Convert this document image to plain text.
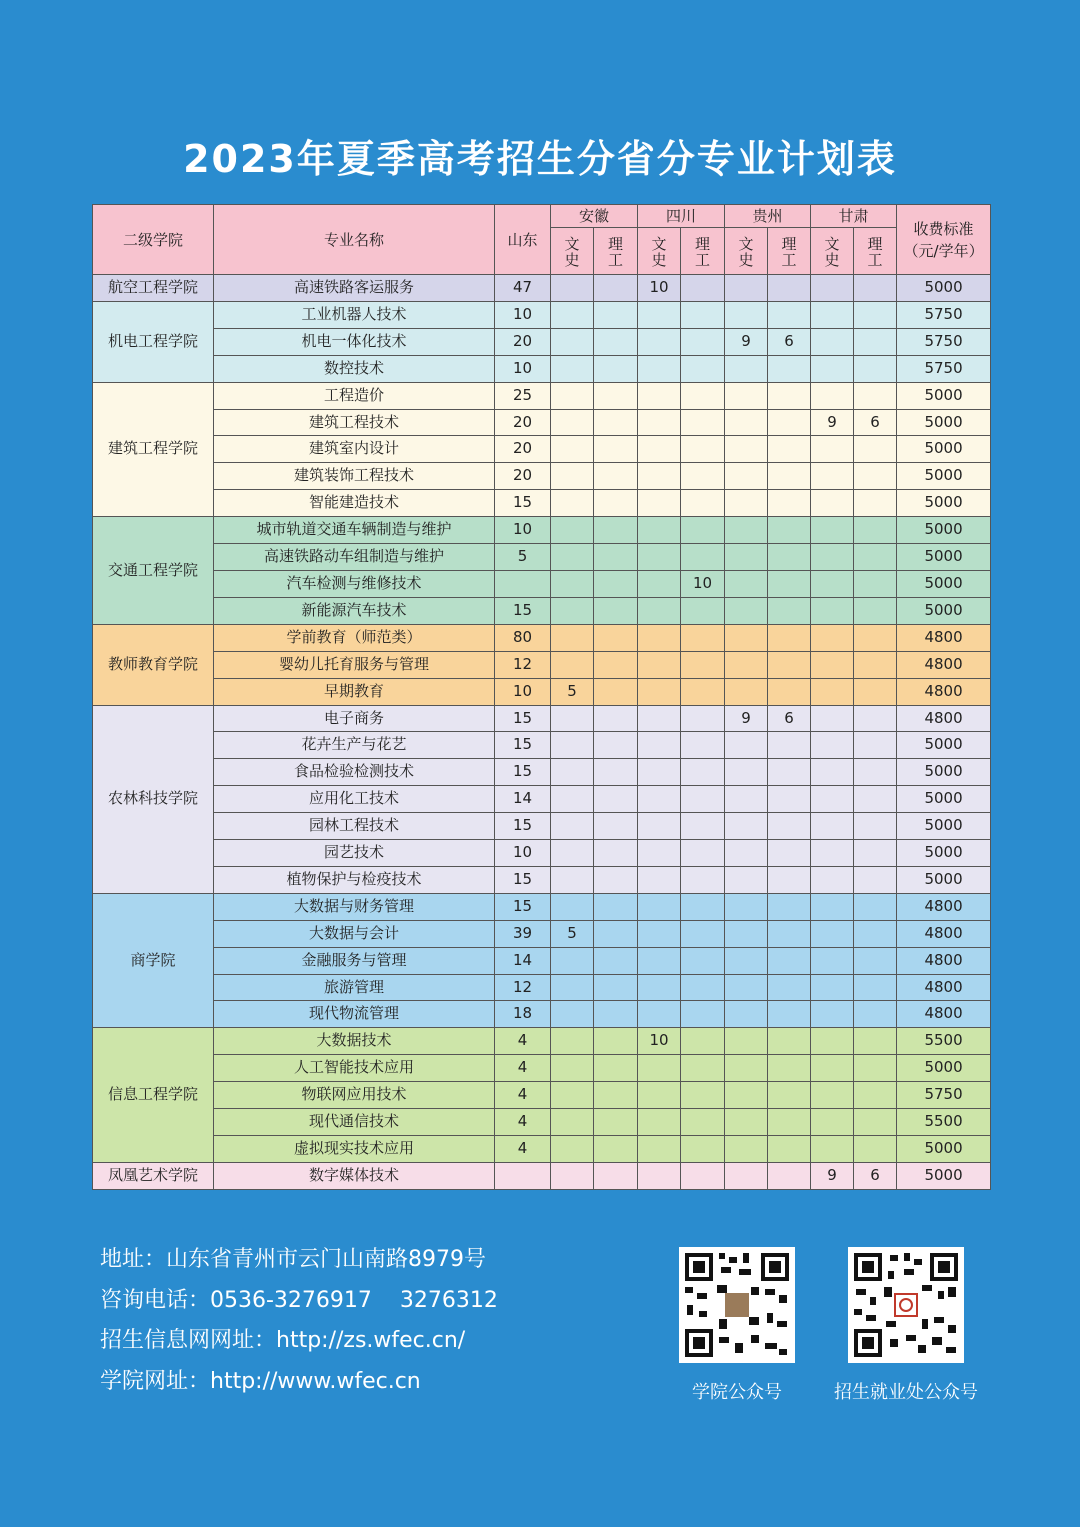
2023年夏季高考招生分省分专业计划表
二级学院	专业名称	山东	安徽		四川		贵州		甘肃		收费标准（元/学年）
			文史	理工	文史	理工	文史	理工	文史	理工	
航空工程学院	高速铁路客运服务	47			10						5000
机电工程学院	工业机器人技术	10									5750
	机电一体化技术	20					9	6			5750
	数控技术	10									5750
建筑工程学院	工程造价	25									5000
	建筑工程技术	20							9	6	5000
	建筑室内设计	20									5000
	建筑装饰工程技术	20									5000
	智能建造技术	15									5000
交通工程学院	城市轨道交通车辆制造与维护	10									5000
	高速铁路动车组制造与维护	5									5000
	汽车检测与维修技术					10					5000
	新能源汽车技术	15									5000
教师教育学院	学前教育（师范类）	80									4800
	婴幼儿托育服务与管理	12									4800
	早期教育	10	5								4800
农林科技学院	电子商务	15					9	6			4800
	花卉生产与花艺	15									5000
	食品检验检测技术	15									5000
	应用化工技术	14									5000
	园林工程技术	15									5000
	园艺技术	10									5000
	植物保护与检疫技术	15									5000
商学院	大数据与财务管理	15									4800
	大数据与会计	39	5								4800
	金融服务与管理	14									4800
	旅游管理	12									4800
	现代物流管理	18									4800
信息工程学院	大数据技术	4			10						5500
	人工智能技术应用	4									5000
	物联网应用技术	4									5750
	现代通信技术	4									5500
	虚拟现实技术应用	4									5000
凤凰艺术学院	数字媒体技术								9	6	5000
地址：山东省青州市云门山南路8979号
咨询电话：0536-3276917    3276312
招生信息网网址：http://zs.wfec.cn/
学院网址：http://www.wfec.cn	学院公众号	招生就业处公众号
